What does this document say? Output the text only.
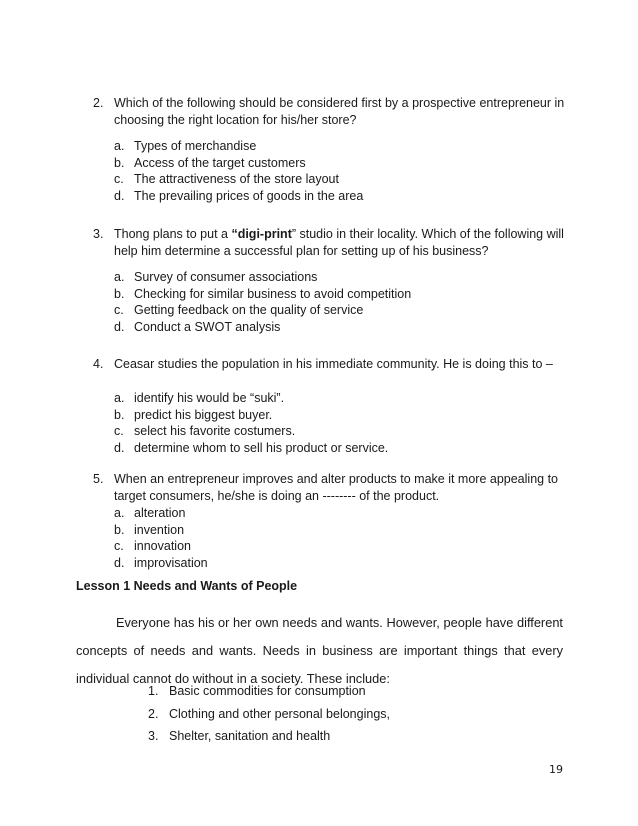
2. Which of the following should be considered first by a prospective entrepreneur in choosing the right location for his/her store?
a. Types of merchandise
b. Access of the target customers
c. The attractiveness of the store layout
d. The prevailing prices of goods in the area
3. Thong plans to put a “digi-print” studio in their locality. Which of the following will help him determine a successful plan for setting up of his business?
a. Survey of consumer associations
b. Checking for similar business to avoid competition
c. Getting feedback on the quality of service
d. Conduct a SWOT analysis
4. Ceasar studies the population in his immediate community. He is doing this to –
a. identify his would be “suki”.
b. predict his biggest buyer.
c. select his favorite costumers.
d. determine whom to sell his product or service.
5. When an entrepreneur improves and alter products to make it more appealing to target consumers, he/she is doing an -------- of the product.
a. alteration
b. invention
c. innovation
d. improvisation
Lesson 1 Needs and Wants of People
Everyone has his or her own needs and wants. However, people have different concepts of needs and wants. Needs in business are important things that every individual cannot do without in a society. These include:
1. Basic commodities for consumption
2. Clothing and other personal belongings,
3. Shelter, sanitation and health
19
